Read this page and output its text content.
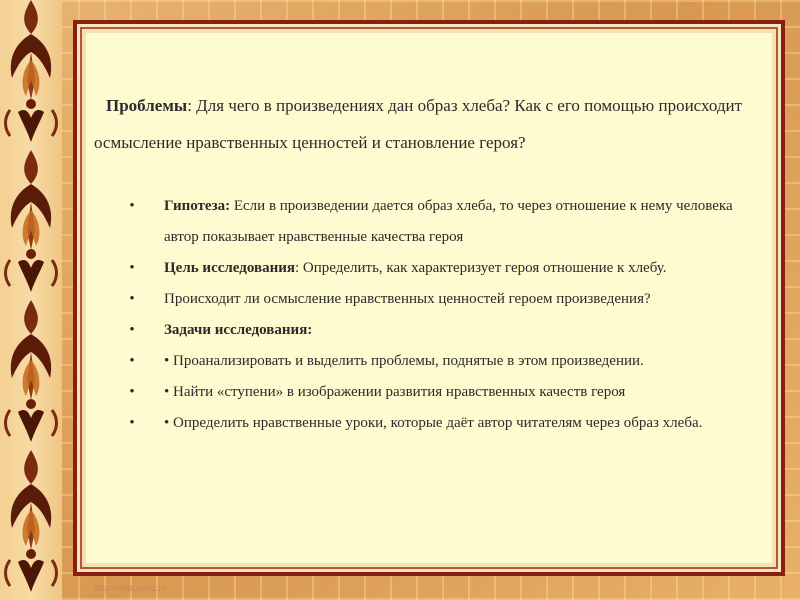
Проблемы: Для чего в произведениях дан образ хлеба? Как с его помощью происходит осмысление нравственных ценностей и становление героя?
• Гипотеза: Если в произведении дается образ хлеба, то через отношение к нему человека автор показывает нравственные качества героя
• Цель исследования: Определить, как характеризует героя отношение к хлебу.
• Происходит ли осмысление нравственных ценностей героем произведения?
• Задачи исследования:
• • Проанализировать и выделить проблемы, поднятые в этом произведении.
• • Найти «ступени» в изображении развития нравственных качеств героя
• • Определить нравственные уроки, которые даёт автор читателям через образ хлеба.
http://aida.ucoz.ru
